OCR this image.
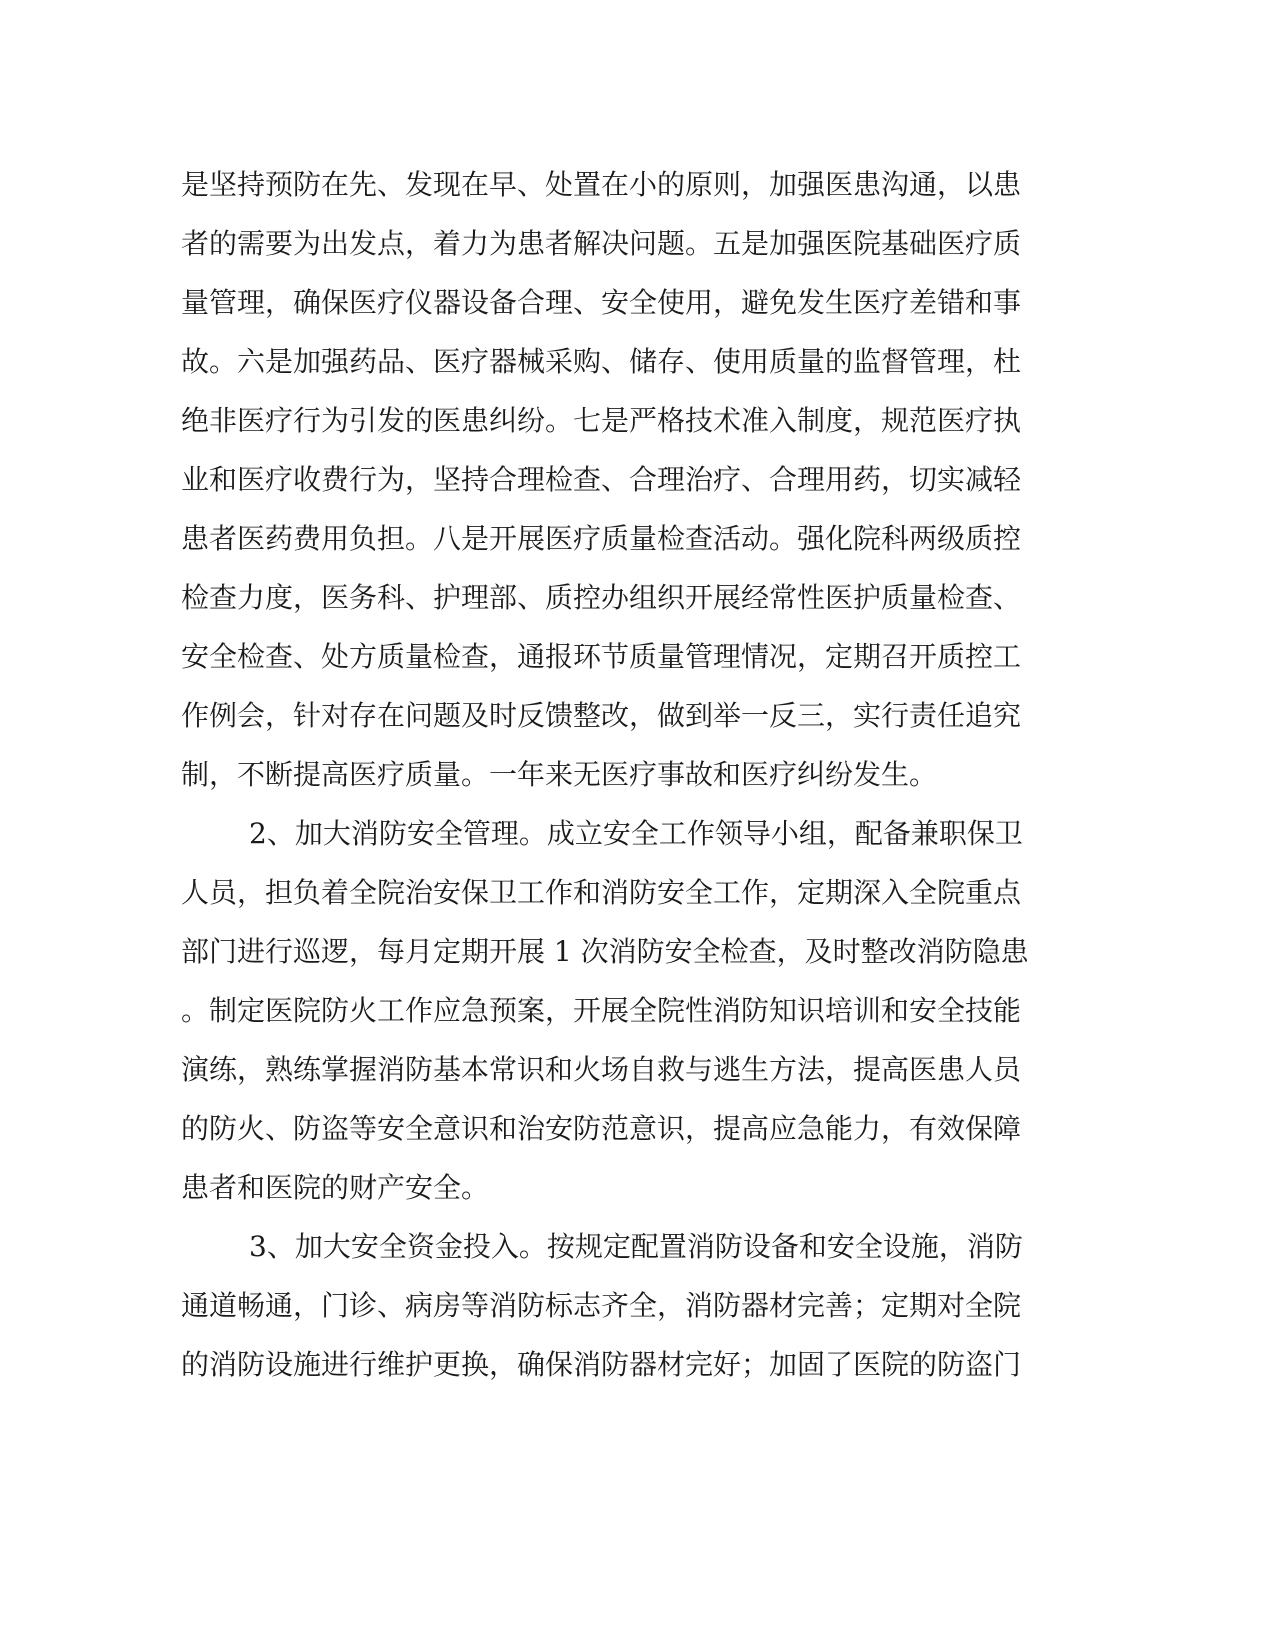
是坚持预防在先、发现在早、处置在小的原则，加强医患沟通，以患
者的需要为出发点，着力为患者解决问题。五是加强医院基础医疗质
量管理，确保医疗仪器设备合理、安全使用，避免发生医疗差错和事
故。六是加强药品、医疗器械采购、储存、使用质量的监督管理，杜
绝非医疗行为引发的医患纠纷。七是严格技术准入制度，规范医疗执
业和医疗收费行为，坚持合理检查、合理治疗、合理用药，切实减轻
患者医药费用负担。八是开展医疗质量检查活动。强化院科两级质控
检查力度，医务科、护理部、质控办组织开展经常性医护质量检查、
安全检查、处方质量检查，通报环节质量管理情况，定期召开质控工
作例会，针对存在问题及时反馈整改，做到举一反三，实行责任追究
制，不断提高医疗质量。一年来无医疗事故和医疗纠纷发生。
2、加大消防安全管理。成立安全工作领导小组，配备兼职保卫
人员，担负着全院治安保卫工作和消防安全工作，定期深入全院重点
部门进行巡逻，每月定期开展 1 次消防安全检查，及时整改消防隐患
。制定医院防火工作应急预案，开展全院性消防知识培训和安全技能
演练，熟练掌握消防基本常识和火场自救与逃生方法，提高医患人员
的防火、防盗等安全意识和治安防范意识，提高应急能力，有效保障
患者和医院的财产安全。
3、加大安全资金投入。按规定配置消防设备和安全设施，消防
通道畅通，门诊、病房等消防标志齐全，消防器材完善；定期对全院
的消防设施进行维护更换，确保消防器材完好；加固了医院的防盗门
